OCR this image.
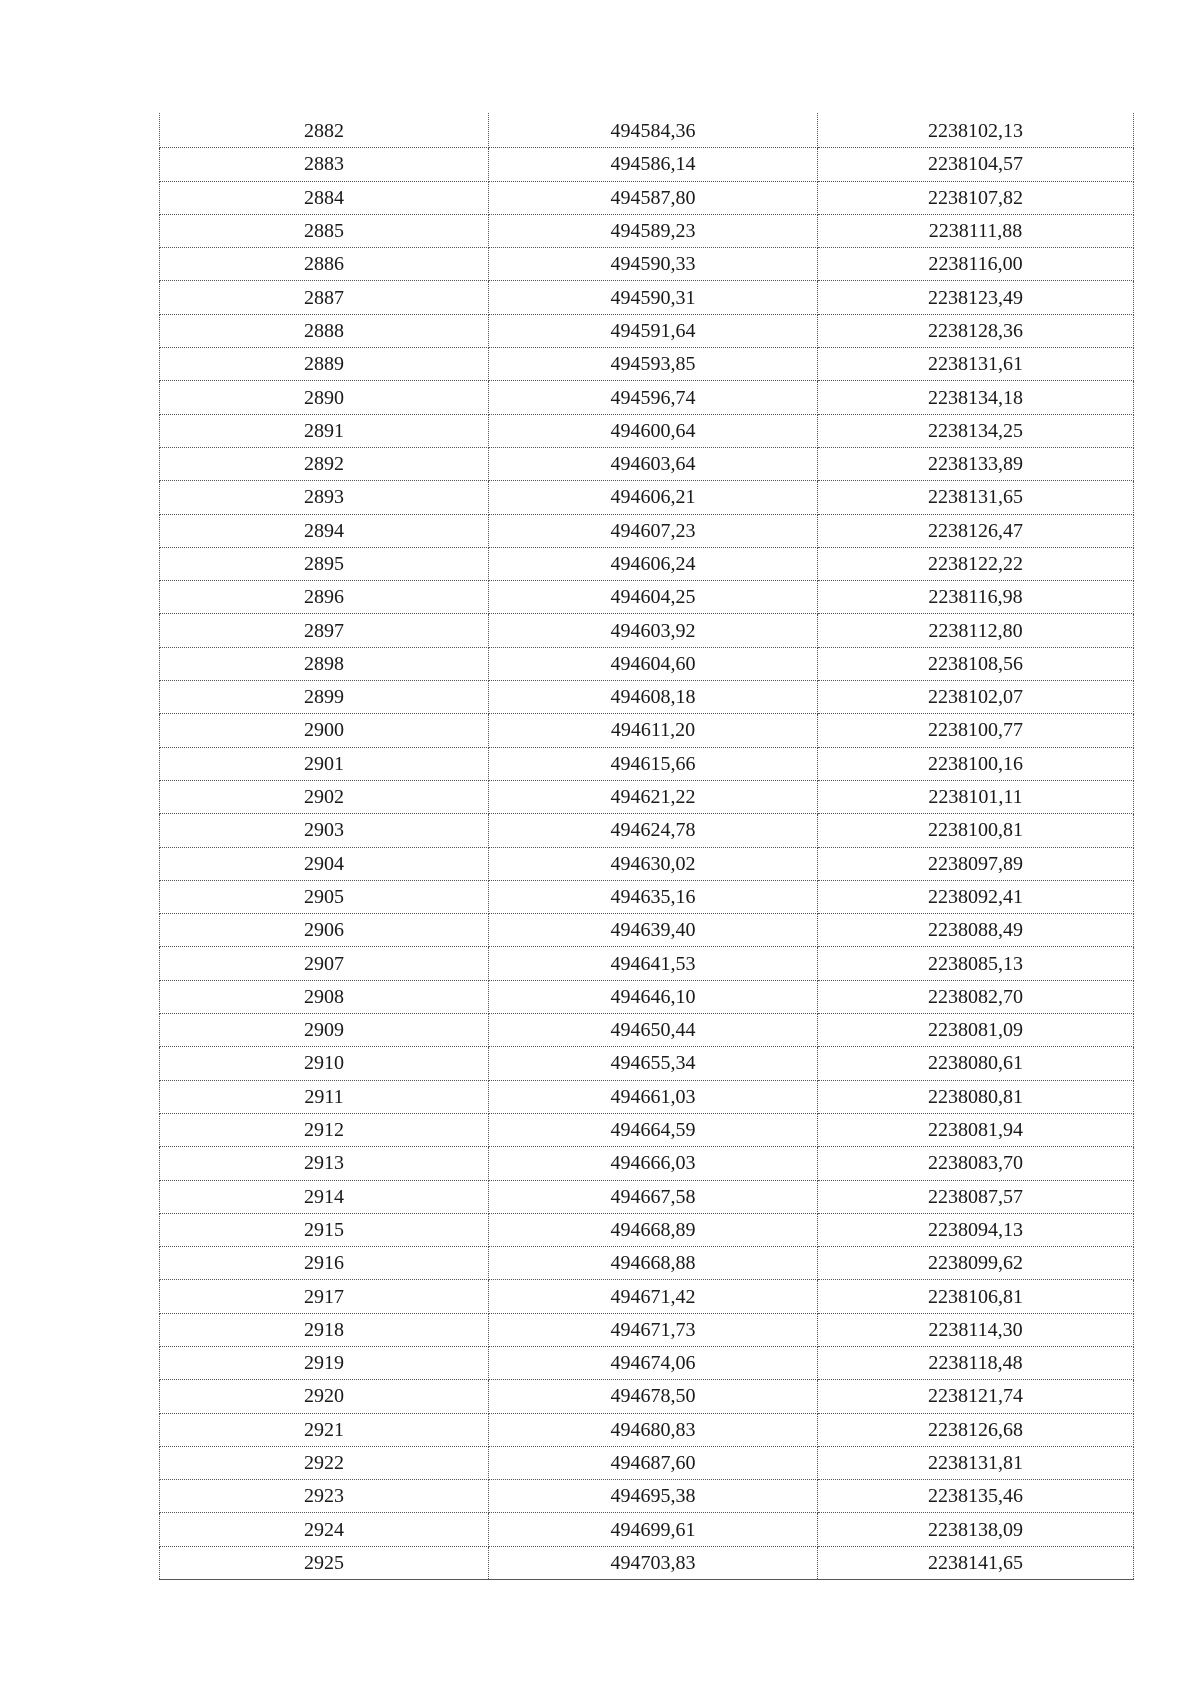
2882	494584,36	2238102,13
2883	494586,14	2238104,57
2884	494587,80	2238107,82
2885	494589,23	2238111,88
2886	494590,33	2238116,00
2887	494590,31	2238123,49
2888	494591,64	2238128,36
2889	494593,85	2238131,61
2890	494596,74	2238134,18
2891	494600,64	2238134,25
2892	494603,64	2238133,89
2893	494606,21	2238131,65
2894	494607,23	2238126,47
2895	494606,24	2238122,22
2896	494604,25	2238116,98
2897	494603,92	2238112,80
2898	494604,60	2238108,56
2899	494608,18	2238102,07
2900	494611,20	2238100,77
2901	494615,66	2238100,16
2902	494621,22	2238101,11
2903	494624,78	2238100,81
2904	494630,02	2238097,89
2905	494635,16	2238092,41
2906	494639,40	2238088,49
2907	494641,53	2238085,13
2908	494646,10	2238082,70
2909	494650,44	2238081,09
2910	494655,34	2238080,61
2911	494661,03	2238080,81
2912	494664,59	2238081,94
2913	494666,03	2238083,70
2914	494667,58	2238087,57
2915	494668,89	2238094,13
2916	494668,88	2238099,62
2917	494671,42	2238106,81
2918	494671,73	2238114,30
2919	494674,06	2238118,48
2920	494678,50	2238121,74
2921	494680,83	2238126,68
2922	494687,60	2238131,81
2923	494695,38	2238135,46
2924	494699,61	2238138,09
2925	494703,83	2238141,65
